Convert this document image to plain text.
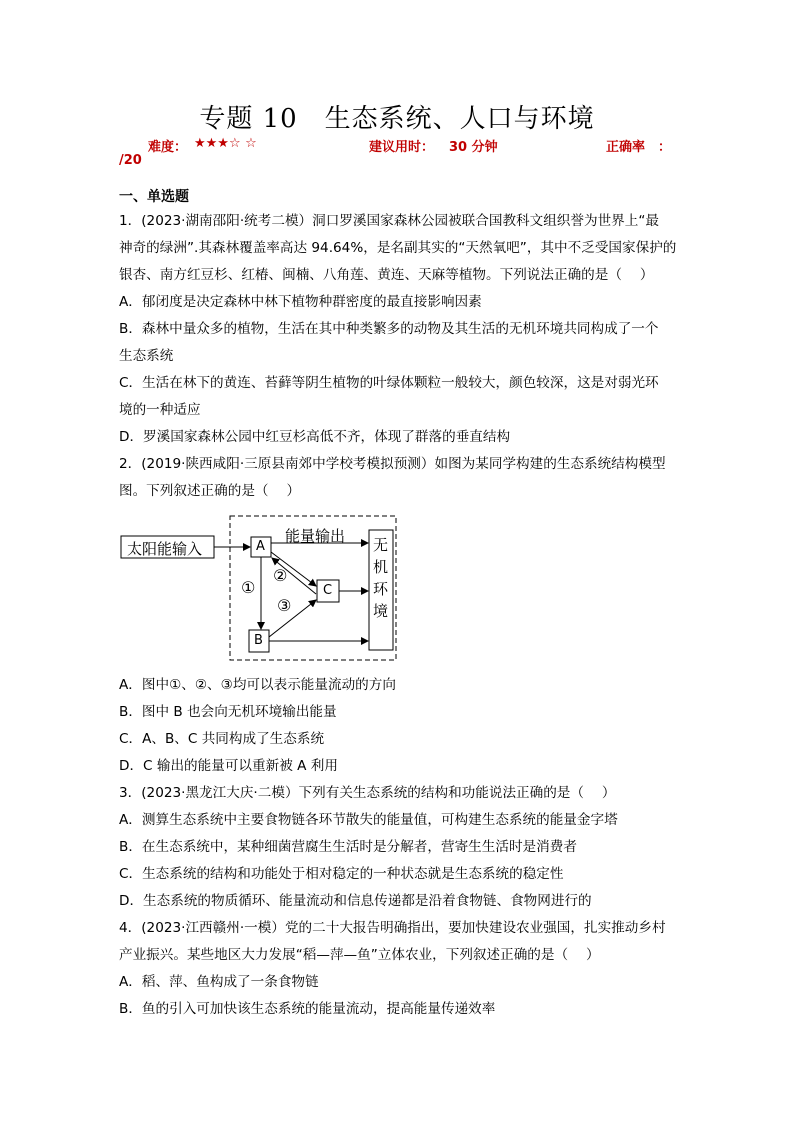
专题 10　生态系统、人口与环境
难度： ★★★☆ ☆	建议用时： 30 分钟	正确率　：
/20
一、单选题
1．(2023·湖南邵阳·统考二模）洞口罗溪国家森林公园被联合国教科文组织誉为世界上“最
神奇的绿洲”.其森林覆盖率高达 94.64%，是名副其实的“天然氧吧”，其中不乏受国家保护的
银杏、南方红豆杉、红椿、闽楠、八角莲、黄连、天麻等植物。下列说法正确的是（　 ）
A．郁闭度是决定森林中林下植物种群密度的最直接影响因素
B．森林中量众多的植物，生活在其中种类繁多的动物及其生活的无机环境共同构成了一个
生态系统
C．生活在林下的黄连、苔藓等阴生植物的叶绿体颗粒一般较大，颜色较深，这是对弱光环
境的一种适应
D．罗溪国家森林公园中红豆杉高低不齐，体现了群落的垂直结构
2．(2019·陕西咸阳·三原县南郊中学校考模拟预测）如图为某同学构建的生态系统结构模型
图。下列叙述正确的是（　 ）
太阳能输入	A
C
B
能量输出 无机环境
①
②
③
A．图中①、②、③均可以表示能量流动的方向
B．图中 B 也会向无机环境输出能量
C．A、B、C 共同构成了生态系统
D．C 输出的能量可以重新被 A 利用
3．(2023·黑龙江大庆·二模）下列有关生态系统的结构和功能说法正确的是（　 ）
A．测算生态系统中主要食物链各环节散失的能量值，可构建生态系统的能量金字塔
B．在生态系统中，某种细菌营腐生生活时是分解者，营寄生生活时是消费者
C．生态系统的结构和功能处于相对稳定的一种状态就是生态系统的稳定性
D．生态系统的物质循环、能量流动和信息传递都是沿着食物链、食物网进行的
4．(2023·江西赣州·一模）党的二十大报告明确指出，要加快建设农业强国，扎实推动乡村
产业振兴。某些地区大力发展“稻—萍—鱼”立体农业，下列叙述正确的是（　 ）
A．稻、萍、鱼构成了一条食物链
B．鱼的引入可加快该生态系统的能量流动，提高能量传递效率
